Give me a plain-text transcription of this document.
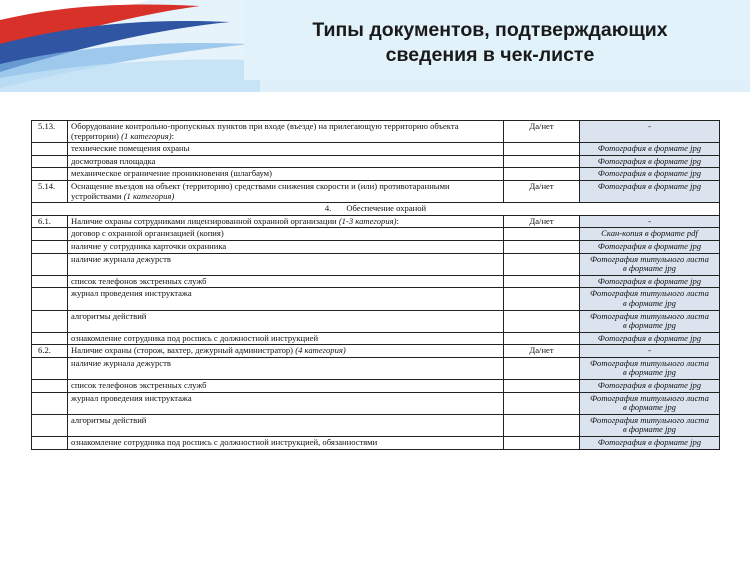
Типы документов, подтверждающих
сведения в чек-листе
5.13.	Оборудование контрольно-пропускных пунктов при входе (въезде) на прилегающую территорию объекта (территории) (1 категория):	Да/нет	-
	технические помещения охраны		Фотография в формате jpg
	досмотровая площадка		Фотография в формате jpg
	механическое ограничение проникновения (шлагбаум)		Фотография в формате jpg
5.14.	Оснащение въездов на объект (территорию) средствами снижения скорости и (или) противотаранными устройствами (1 категория)	Да/нет	Фотография в формате jpg
4. Обеспечение охраной			
6.1.	Наличие охраны сотрудниками лицензированной охранной организации (1-3 категория):	Да/нет	-
	договор с охранной организацией (копия)		Скан-копия в формате pdf
	наличие у сотрудника карточки охранника		Фотография в формате jpg
	наличие журнала дежурств		Фотография титульного листа
в формате jpg

	список телефонов экстренных служб		Фотография в формате jpg
	журнал проведения инструктажа		Фотография титульного листа
в формате jpg

	алгоритмы действий		Фотография титульного листа
в формате jpg

	ознакомление сотрудника под роспись с должностной инструкцией		Фотография в формате jpg
6.2.	Наличие охраны (сторож, вахтер, дежурный администратор) (4 категория)	Да/нет	-
	наличие журнала дежурств		Фотография титульного листа
в формате jpg

	список телефонов экстренных служб		Фотография в формате jpg
	журнал проведения инструктажа		Фотография титульного листа
в формате jpg

	алгоритмы действий		Фотография титульного листа
в формате jpg

	ознакомление сотрудника под роспись с должностной инструкцией, обязанностями		Фотография в формате jpg
